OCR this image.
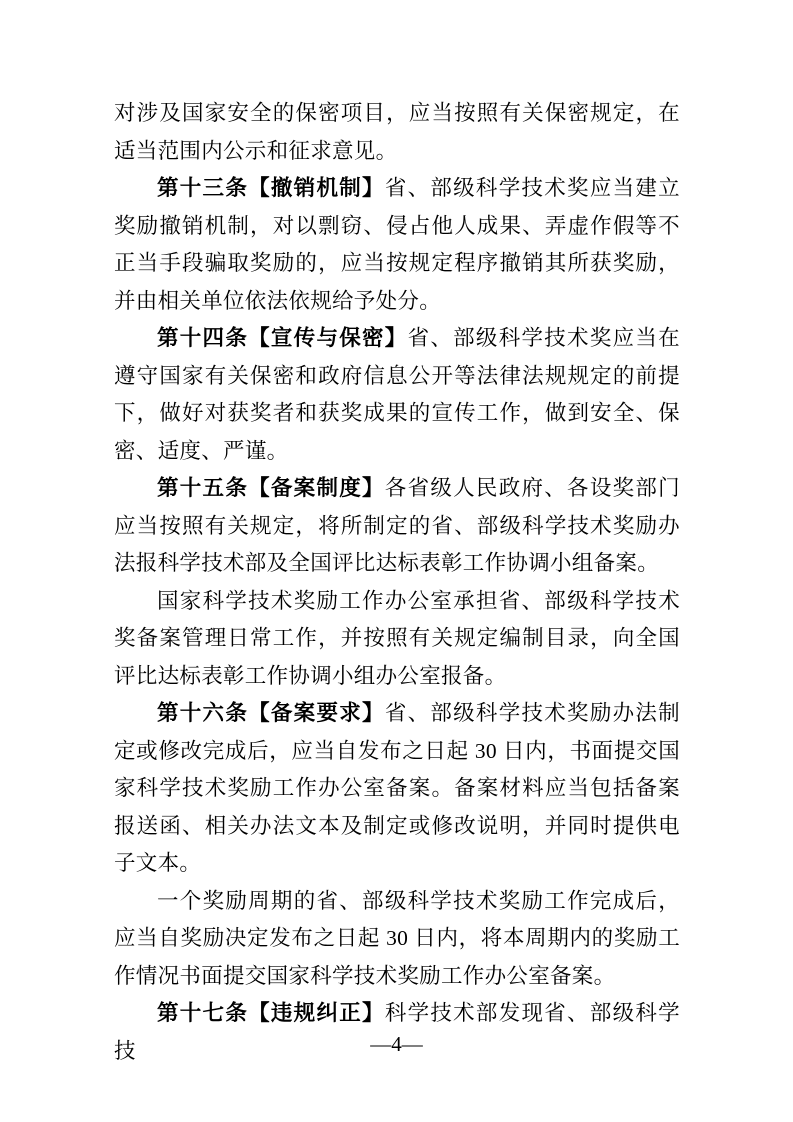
对涉及国家安全的保密项目，应当按照有关保密规定，在适当范围内公示和征求意见。

第十三条【撤销机制】省、部级科学技术奖应当建立奖励撤销机制，对以剽窃、侵占他人成果、弄虚作假等不正当手段骗取奖励的，应当按规定程序撤销其所获奖励，并由相关单位依法依规给予处分。

第十四条【宣传与保密】省、部级科学技术奖应当在遵守国家有关保密和政府信息公开等法律法规规定的前提下，做好对获奖者和获奖成果的宣传工作，做到安全、保密、适度、严谨。

第十五条【备案制度】各省级人民政府、各设奖部门应当按照有关规定，将所制定的省、部级科学技术奖励办法报科学技术部及全国评比达标表彰工作协调小组备案。

国家科学技术奖励工作办公室承担省、部级科学技术奖备案管理日常工作，并按照有关规定编制目录，向全国评比达标表彰工作协调小组办公室报备。

第十六条【备案要求】省、部级科学技术奖励办法制定或修改完成后，应当自发布之日起 30 日内，书面提交国家科学技术奖励工作办公室备案。备案材料应当包括备案报送函、相关办法文本及制定或修改说明，并同时提供电子文本。

一个奖励周期的省、部级科学技术奖励工作完成后，应当自奖励决定发布之日起 30 日内，将本周期内的奖励工作情况书面提交国家科学技术奖励工作办公室备案。

第十七条【违规纠正】科学技术部发现省、部级科学技	—4—
